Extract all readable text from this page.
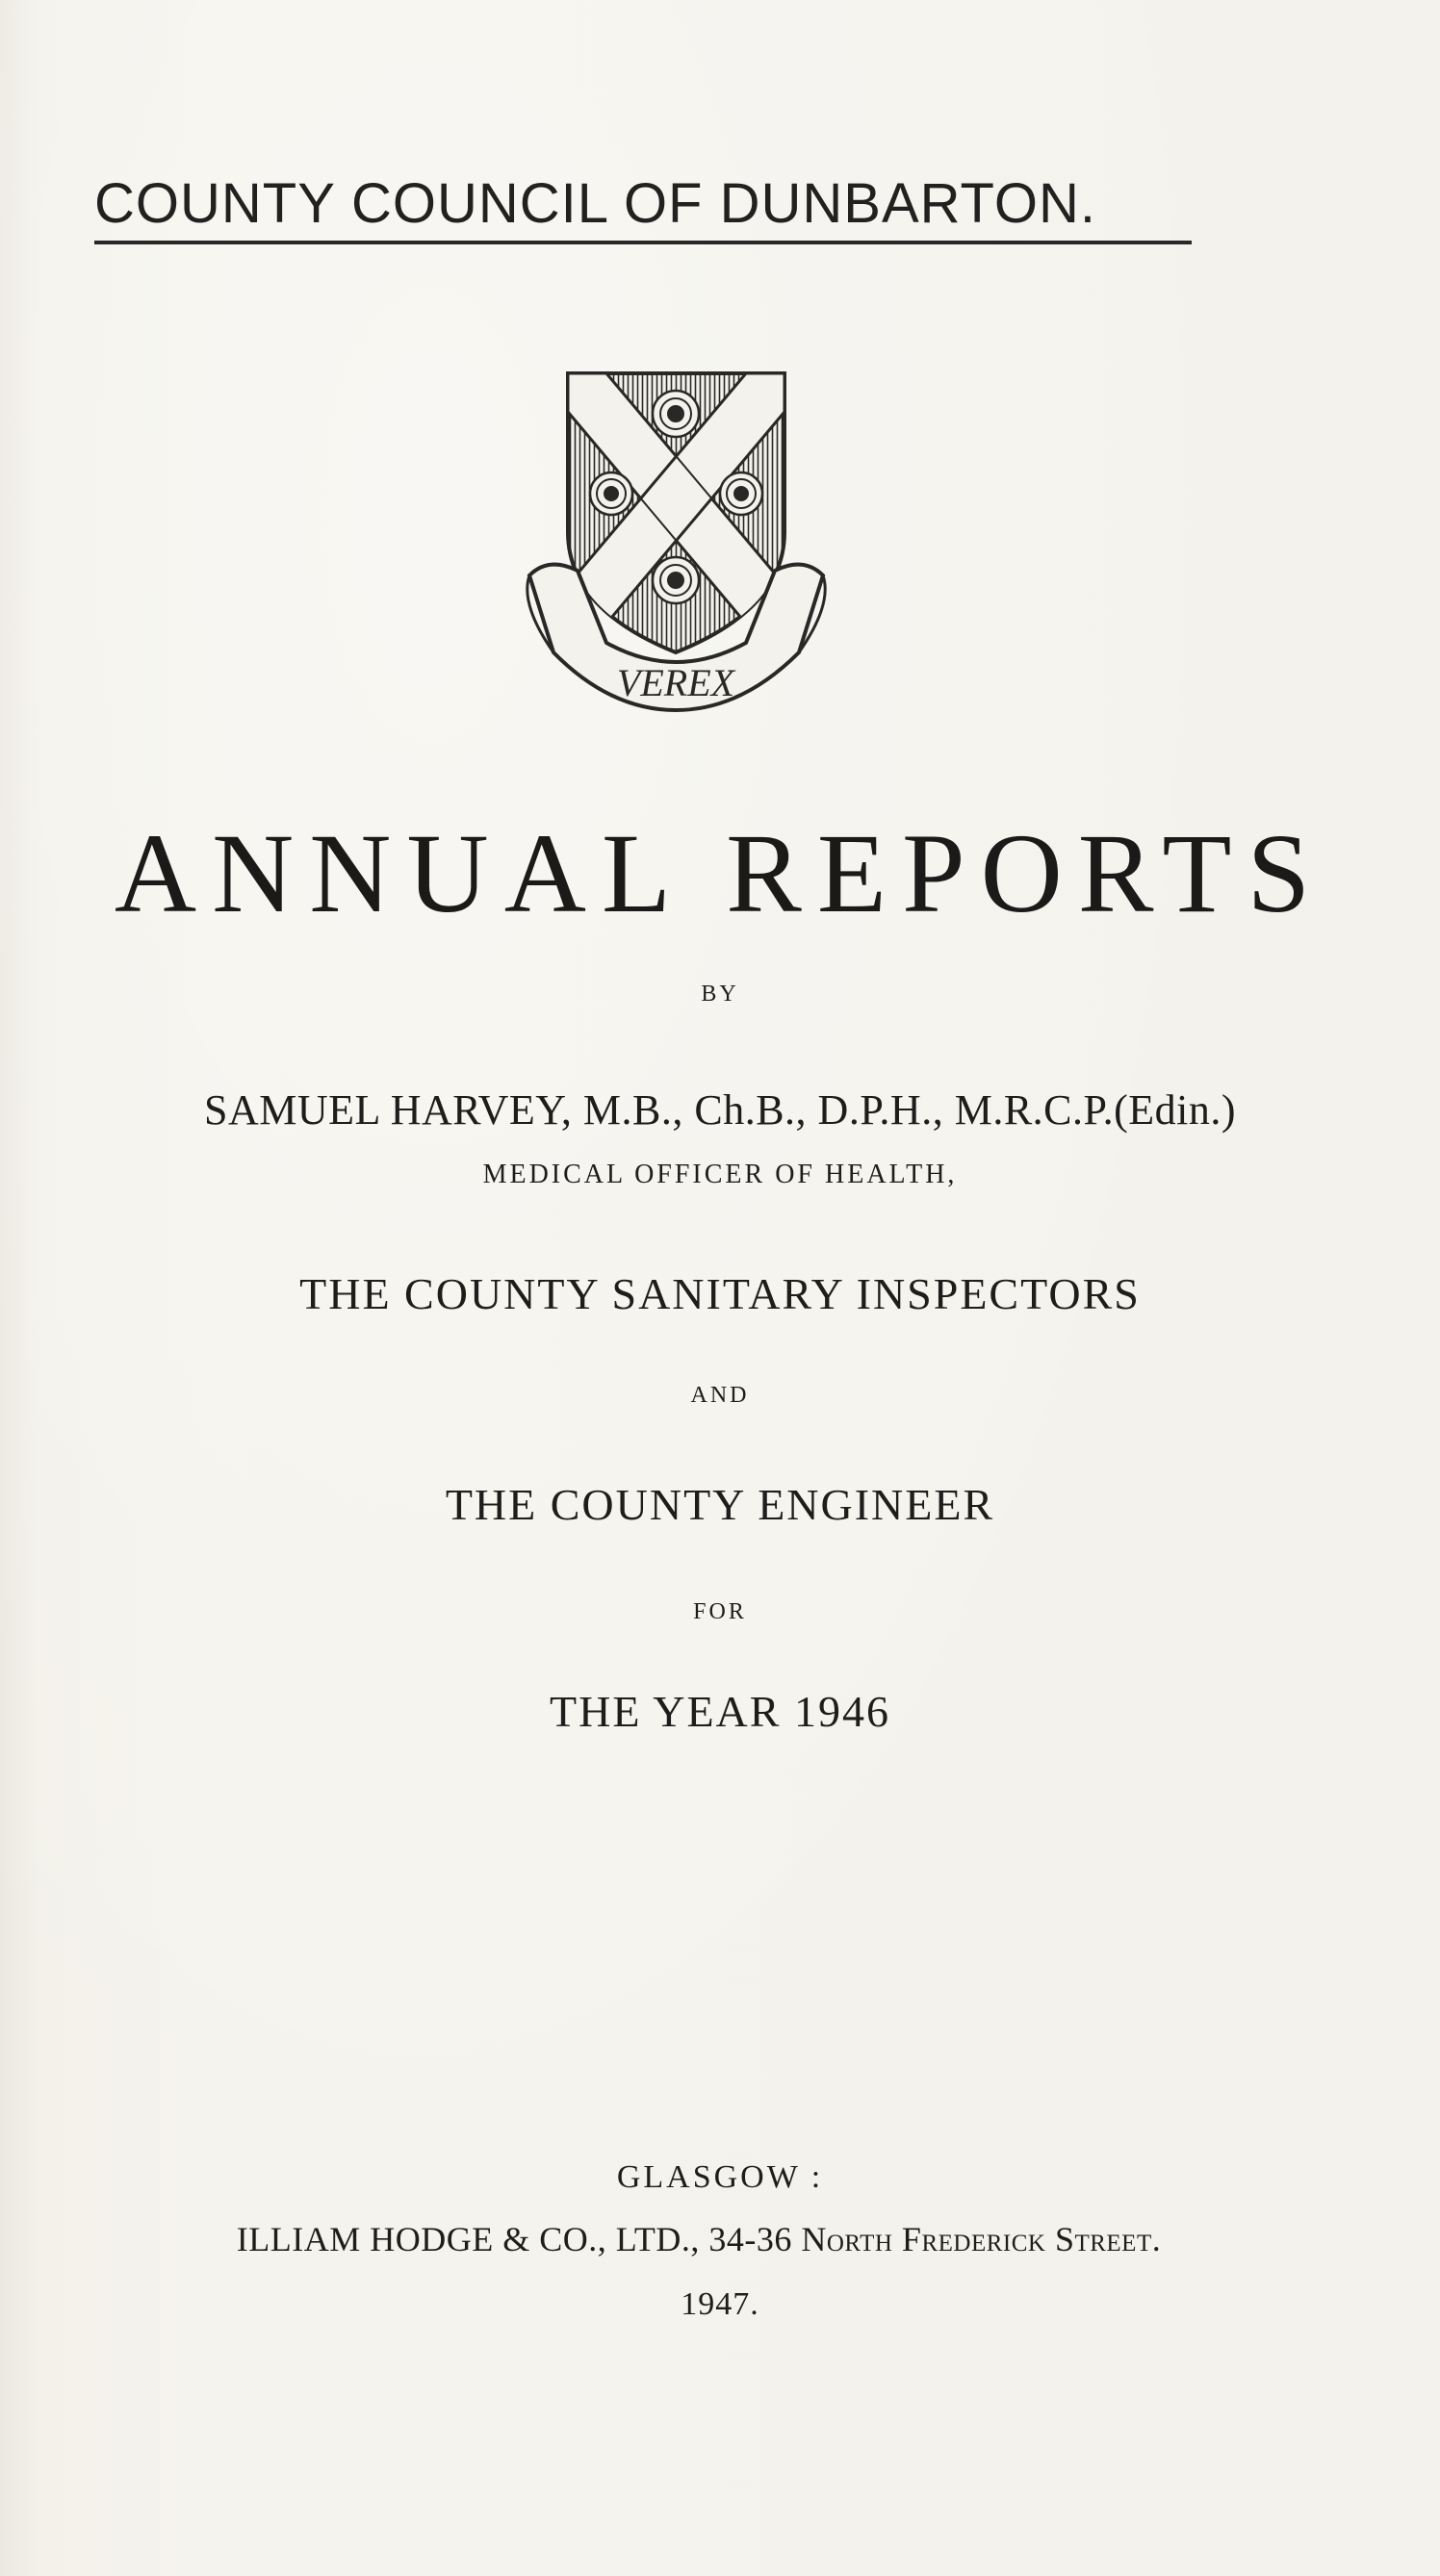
COUNTY COUNCIL OF DUNBARTON.
VEREX
ANNUAL REPORTS
BY
SAMUEL HARVEY, M.B., Ch.B., D.P.H., M.R.C.P.(Edin.)
MEDICAL OFFICER OF HEALTH,
THE COUNTY SANITARY INSPECTORS
AND
THE COUNTY ENGINEER
FOR
THE YEAR 1946
GLASGOW :
ILLIAM HODGE & CO., LTD., 34-36 North Frederick Street.
1947.
